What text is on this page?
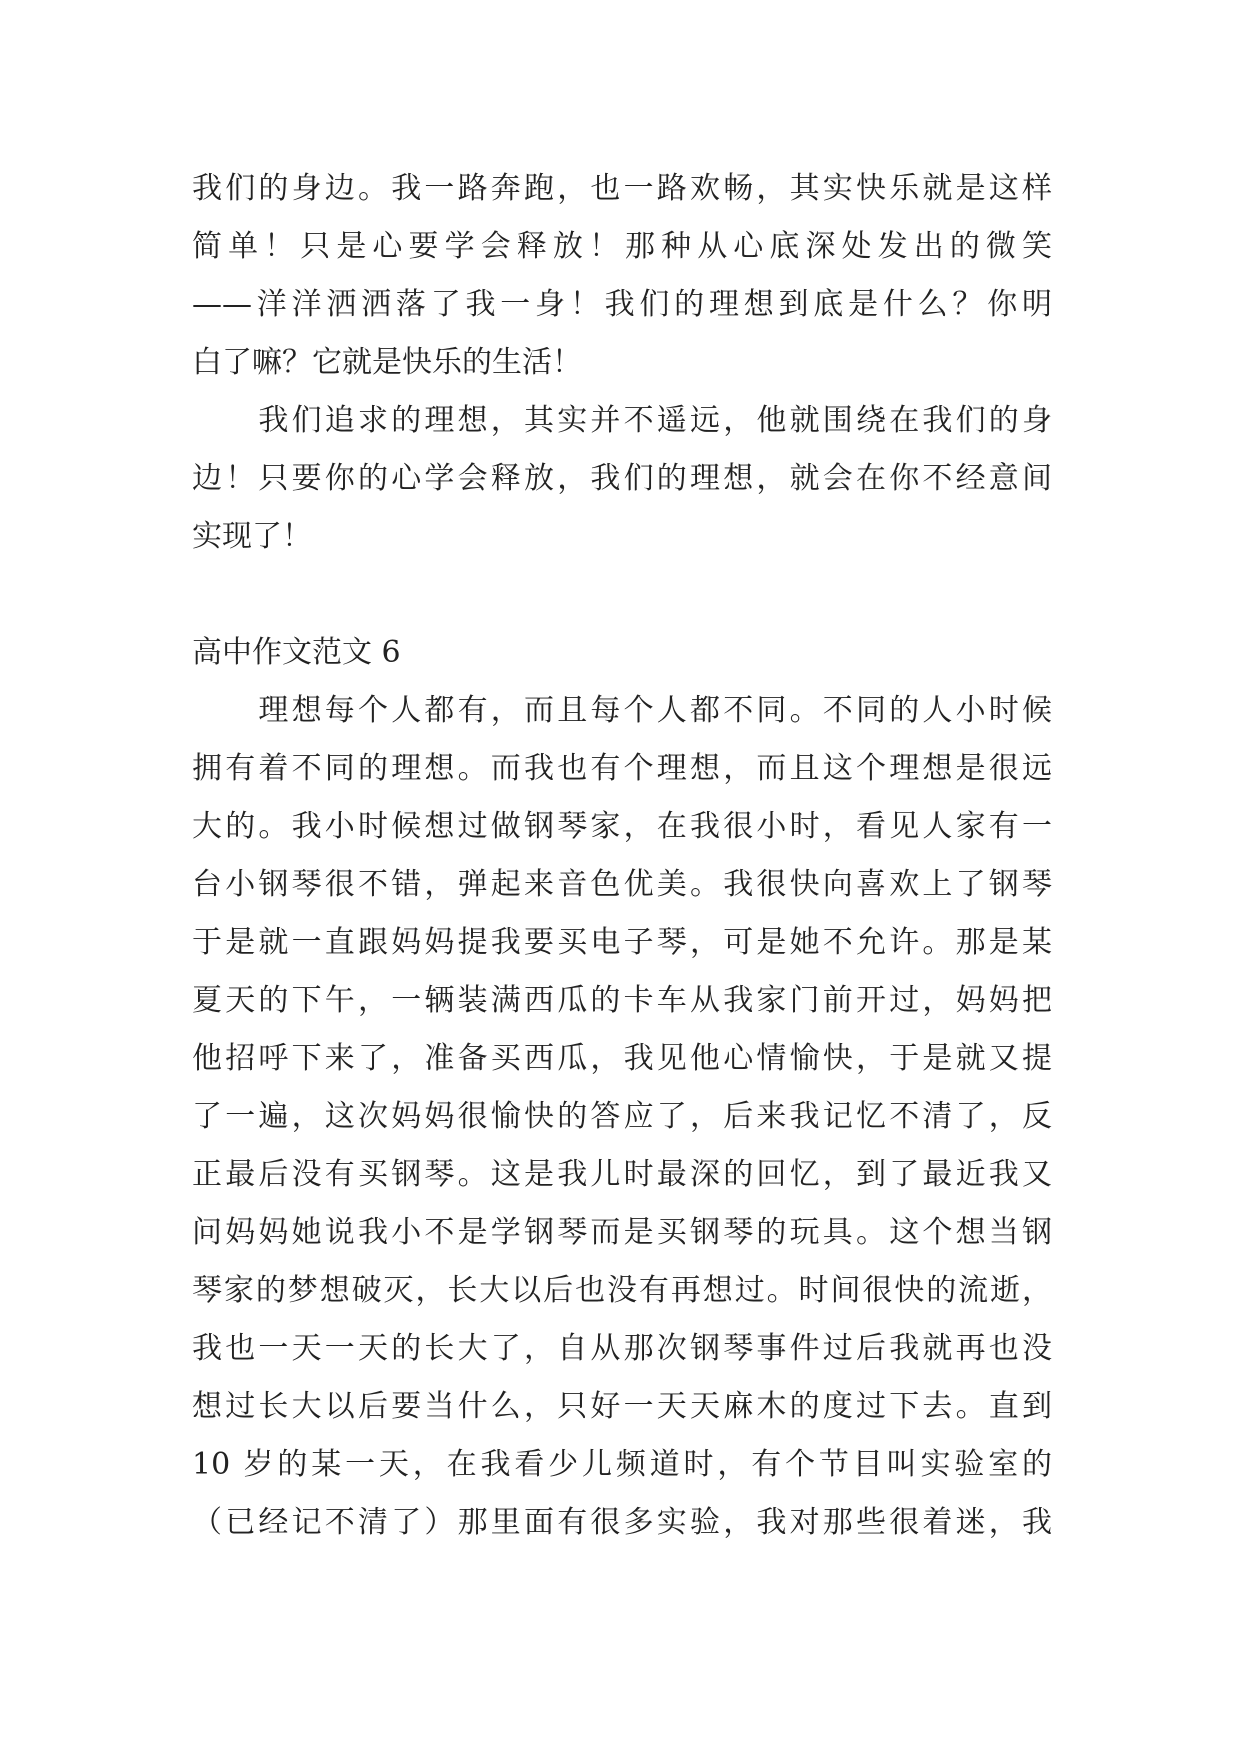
我们的身边。我一路奔跑，也一路欢畅，其实快乐就是这样
简单！只是心要学会释放！那种从心底深处发出的微笑
——洋洋洒洒落了我一身！我们的理想到底是什么？你明
白了嘛？它就是快乐的生活！
　　我们追求的理想，其实并不遥远，他就围绕在我们的身
边！只要你的心学会释放，我们的理想，就会在你不经意间
实现了！
高中作文范文 6
　　理想每个人都有，而且每个人都不同。不同的人小时候
拥有着不同的理想。而我也有个理想，而且这个理想是很远
大的。我小时候想过做钢琴家，在我很小时，看见人家有一
台小钢琴很不错，弹起来音色优美。我很快向喜欢上了钢琴
于是就一直跟妈妈提我要买电子琴，可是她不允许。那是某
夏天的下午，一辆装满西瓜的卡车从我家门前开过，妈妈把
他招呼下来了，准备买西瓜，我见他心情愉快，于是就又提
了一遍，这次妈妈很愉快的答应了，后来我记忆不清了，反
正最后没有买钢琴。这是我儿时最深的回忆，到了最近我又
问妈妈她说我小不是学钢琴而是买钢琴的玩具。这个想当钢
琴家的梦想破灭，长大以后也没有再想过。时间很快的流逝，
我也一天一天的长大了，自从那次钢琴事件过后我就再也没
想过长大以后要当什么，只好一天天麻木的度过下去。直到
10 岁的某一天，在我看少儿频道时，有个节目叫实验室的
（已经记不清了）那里面有很多实验，我对那些很着迷，我
